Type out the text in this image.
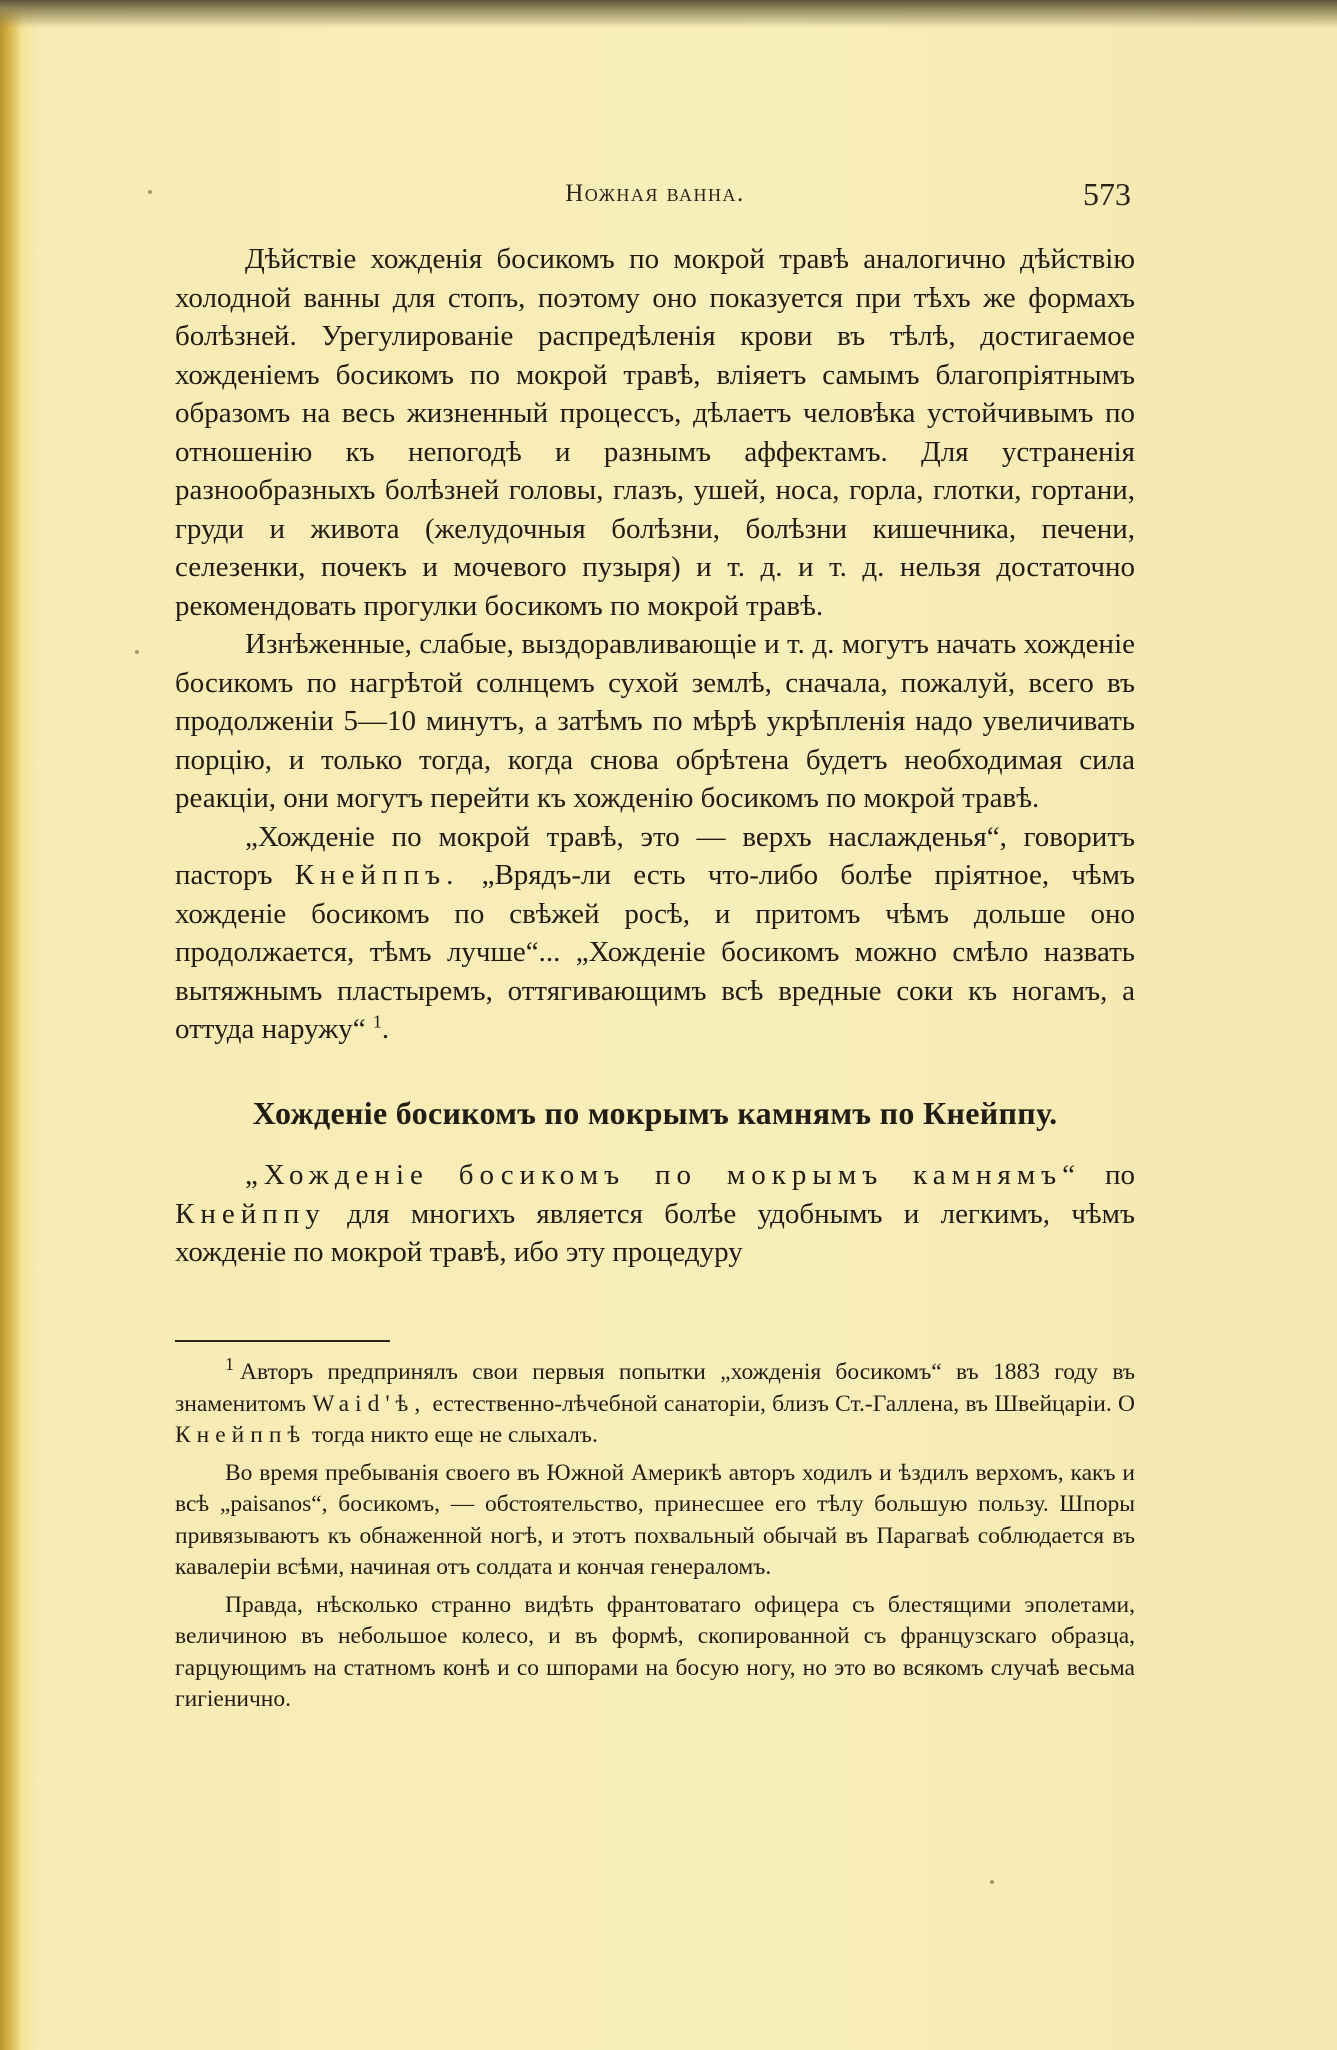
Ножная ванна.	573

Дѣйствіе хожденія босикомъ по мокрой травѣ аналогично дѣйствію холодной ванны для стопъ, поэтому оно показуется при тѣхъ же формахъ болѣзней. Урегулированіе распредѣленія крови въ тѣлѣ, достигаемое хожденіемъ босикомъ по мокрой травѣ, вліяетъ самымъ благопріятнымъ образомъ на весь жизненный процессъ, дѣлаетъ человѣка устойчивымъ по отношенію къ непогодѣ и разнымъ аффектамъ. Для устраненія разнообразныхъ болѣзней головы, глазъ, ушей, носа, горла, глотки, гортани, груди и живота (желудочныя болѣзни, болѣзни кишечника, печени, селезенки, почекъ и мочевого пузыря) и т. д. и т. д. нельзя достаточно рекомендовать прогулки босикомъ по мокрой травѣ.

Изнѣженные, слабые, выздоравливающіе и т. д. могутъ начать хожденіе босикомъ по нагрѣтой солнцемъ сухой землѣ, сначала, пожалуй, всего въ продолженіи 5—10 минутъ, а затѣмъ по мѣрѣ укрѣпленія надо увеличивать порцію, и только тогда, когда снова обрѣтена будетъ необходимая сила реакціи, они могутъ перейти къ хожденію босикомъ по мокрой травѣ.

„Хожденіе по мокрой травѣ, это — верхъ наслажденья“, говоритъ пасторъ Кнейппъ. „Врядъ-ли есть что-либо болѣе пріятное, чѣмъ хожденіе босикомъ по свѣжей росѣ, и притомъ чѣмъ дольше оно продолжается, тѣмъ лучше“... „Хожденіе босикомъ можно смѣло назвать вытяжнымъ пластыремъ, оттягивающимъ всѣ вредные соки къ ногамъ, а оттуда наружу“ $^1$.

Хожденіе босикомъ по мокрымъ камнямъ по Кнейппу.

„Хожденіе босикомъ по мокрымъ камнямъ“ по Кнейппу для многихъ является болѣе удобнымъ и легкимъ, чѣмъ хожденіе по мокрой травѣ, ибо эту процедуру

$^1$ Авторъ предпринялъ свои первыя попытки „хожденія босикомъ“ въ 1883 году въ знаменитомъ Waid'ѣ, естественно-лѣчебной санаторіи, близъ Ст.-Галлена, въ Швейцаріи. О Кнейппѣ тогда никто еще не слыхалъ.

Во время пребыванія своего въ Южной Америкѣ авторъ ходилъ и ѣздилъ верхомъ, какъ и всѣ „paisanos“, босикомъ, — обстоятельство, принесшее его тѣлу большую пользу. Шпоры привязываютъ къ обнаженной ногѣ, и этотъ похвальный обычай въ Парагваѣ соблюдается въ кавалеріи всѣми, начиная отъ солдата и кончая генераломъ.

Правда, нѣсколько странно видѣть франтоватаго офицера съ блестящими эполетами, величиною въ небольшое колесо, и въ формѣ, скопированной съ французскаго образца, гарцующимъ на статномъ конѣ и со шпорами на босую ногу, но это во всякомъ случаѣ весьма гигіенично.
